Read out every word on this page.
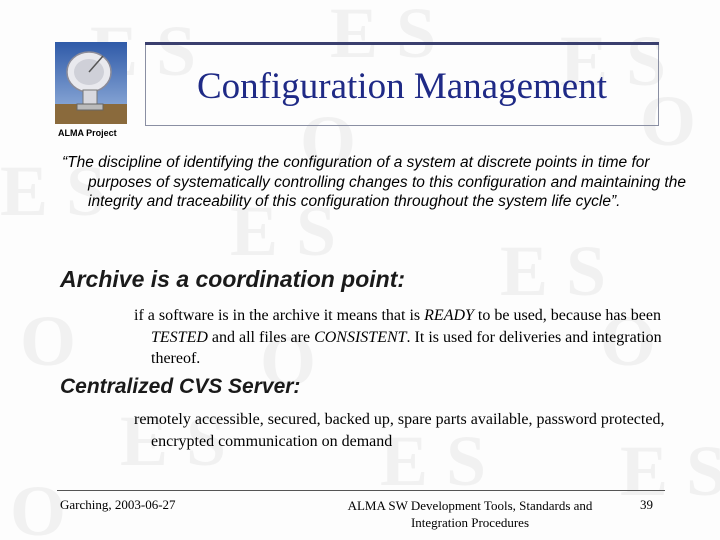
ALMA Project
Configuration Management
“The discipline of identifying the configuration of a system at discrete points in time for purposes of systematically controlling changes to this configuration and maintaining the integrity and traceability of this configuration throughout the system life cycle”.
Archive is a coordination point:
if a software is in the archive it means that is READY to be used, because has been TESTED and all files are CONSISTENT. It is used for deliveries and integration thereof.
Centralized CVS Server:
remotely accessible, secured, backed up, spare parts available, password protected, encrypted communication on demand
Garching, 2003-06-27	ALMA SW Development Tools, Standards and Integration Procedures
39
